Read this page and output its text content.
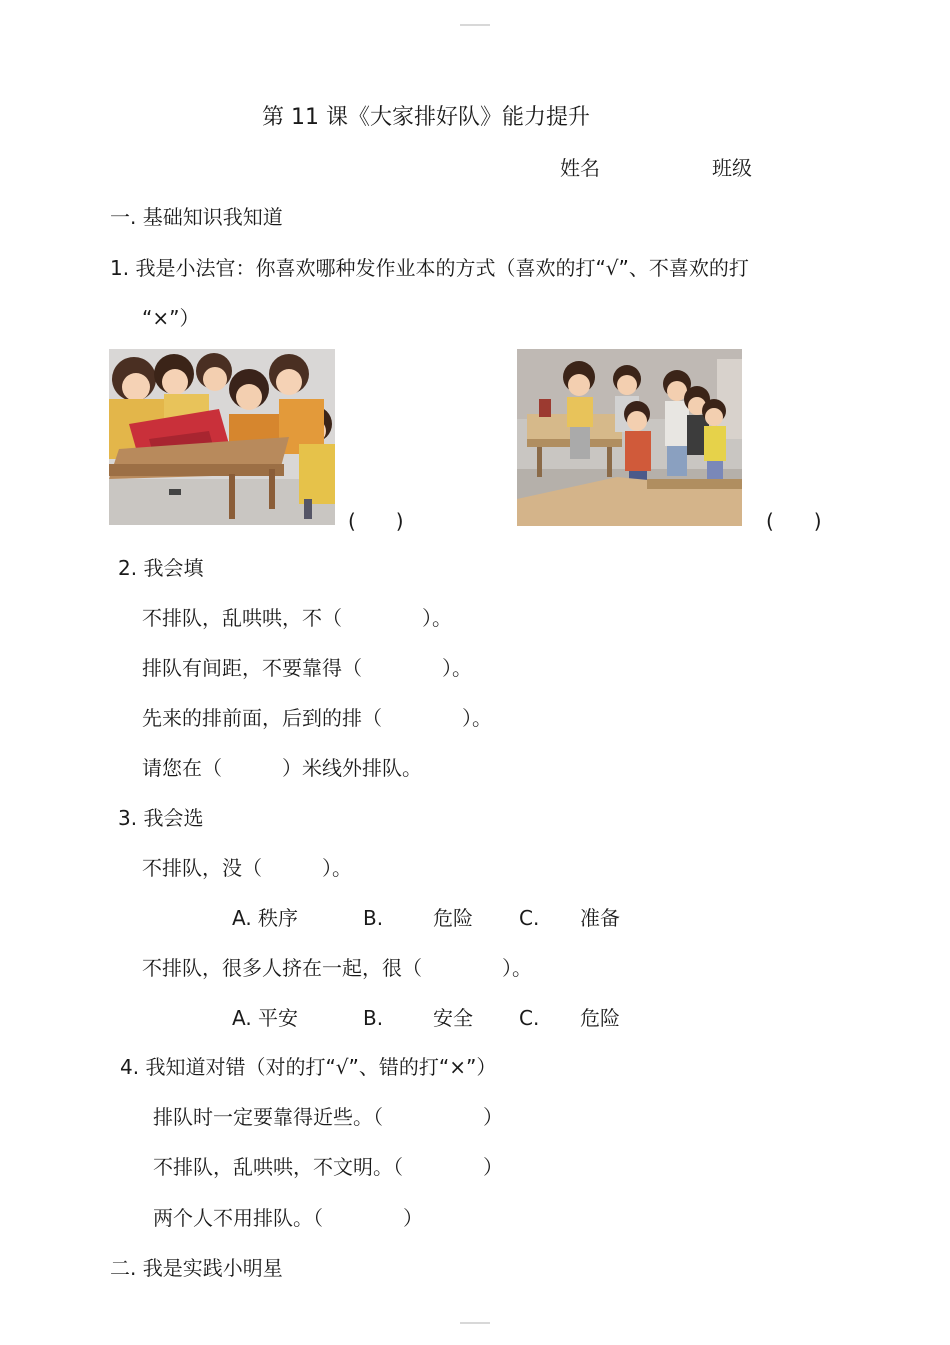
第 11 课《大家排好队》能力提升
姓名	班级
一. 基础知识我知道
1. 我是小法官：你喜欢哪种发作业本的方式（喜欢的打“√”、不喜欢的打
“×”）
(　　)	(　　)
2. 我会填
不排队，乱哄哄，不（　　　　）。
排队有间距，不要靠得（　　　　）。
先来的排前面，后到的排（　　　　）。
请您在（　　　）米线外排队。
3. 我会选
不排队，没（　　　）。
A. 秩序	B. 危险 C. 准备
不排队，很多人挤在一起，很（　　　　）。
A. 平安	B. 安全 C. 危险
4. 我知道对错（对的打“√”、错的打“×”）
排队时一定要靠得近些。（　　　　　）
不排队，乱哄哄，不文明。（　　　　）
两个人不用排队。（　　　　）
二. 我是实践小明星
